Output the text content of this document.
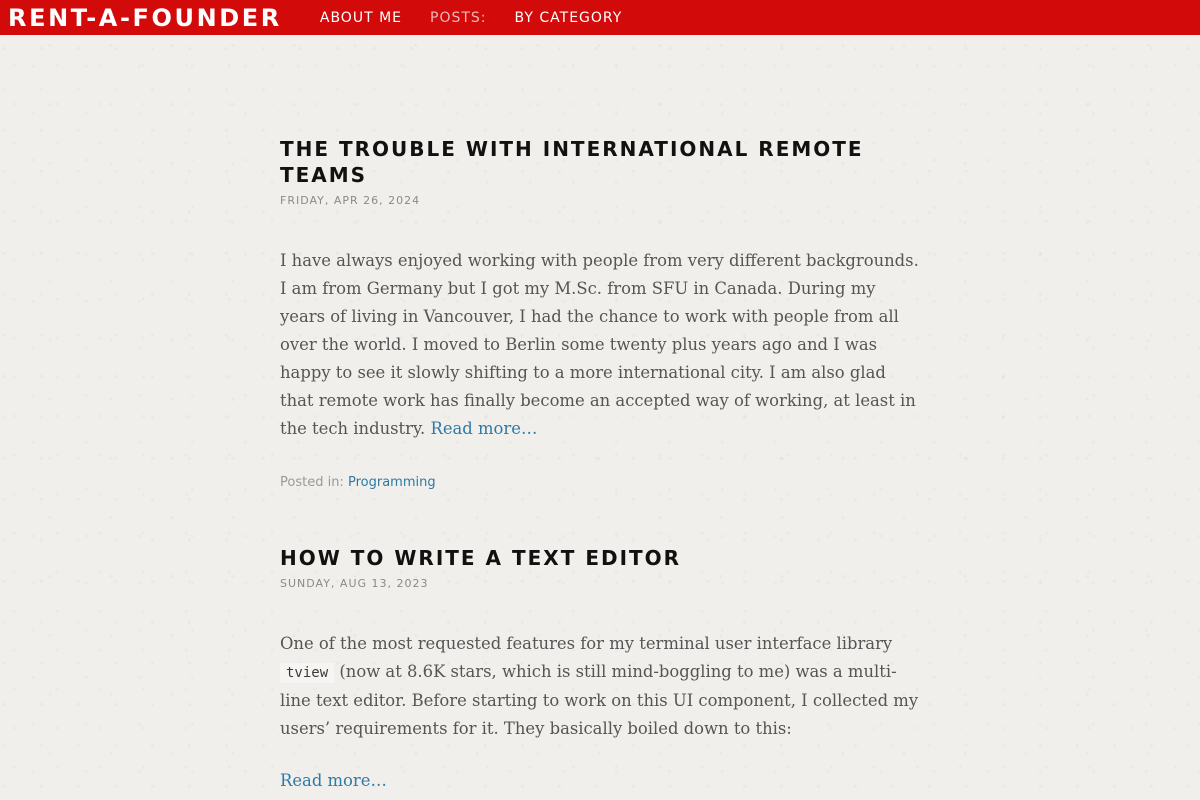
RENT-A-FOUNDER	ABOUT ME POSTS: BY CATEGORY
THE TROUBLE WITH INTERNATIONAL REMOTE TEAMS
FRIDAY, APR 26, 2024
I have always enjoyed working with people from very different backgrounds. I am from Germany but I got my M.Sc. from SFU in Canada. During my years of living in Vancouver, I had the chance to work with people from all over the world. I moved to Berlin some twenty plus years ago and I was happy to see it slowly shifting to a more international city. I am also glad that remote work has finally become an accepted way of working, at least in the tech industry. Read more…
Posted in: Programming
HOW TO WRITE A TEXT EDITOR
SUNDAY, AUG 13, 2023
One of the most requested features for my terminal user interface library tview (now at 8.6K stars, which is still mind-boggling to me) was a multi-line text editor. Before starting to work on this UI component, I collected my users’ requirements for it. They basically boiled down to this:
Read more…
